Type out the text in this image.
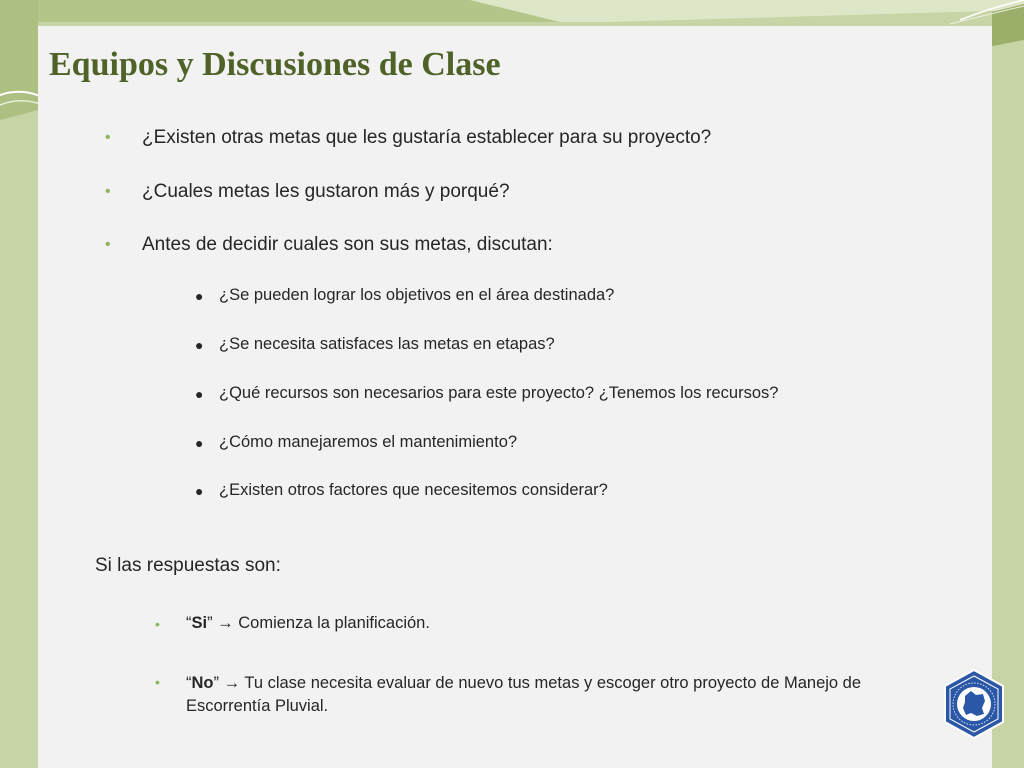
Equipos y Discusiones de Clase
• ¿Existen otras metas que les gustaría establecer para su proyecto?
• ¿Cuales metas les gustaron más y porqué?
• Antes de decidir cuales son sus metas, discutan:
● ¿Se pueden lograr los objetivos en el área destinada?
● ¿Se necesita satisfaces las metas en etapas?
● ¿Qué recursos son necesarios para este proyecto? ¿Tenemos los recursos?
● ¿Cómo manejaremos el mantenimiento?
● ¿Existen otros factores que necesitemos considerar?
Si las respuestas son:
• “Si” → Comienza la planificación.
• “No” → Tu clase necesita evaluar de nuevo tus metas y escoger otro proyecto de Manejo de Escorrentía Pluvial.
